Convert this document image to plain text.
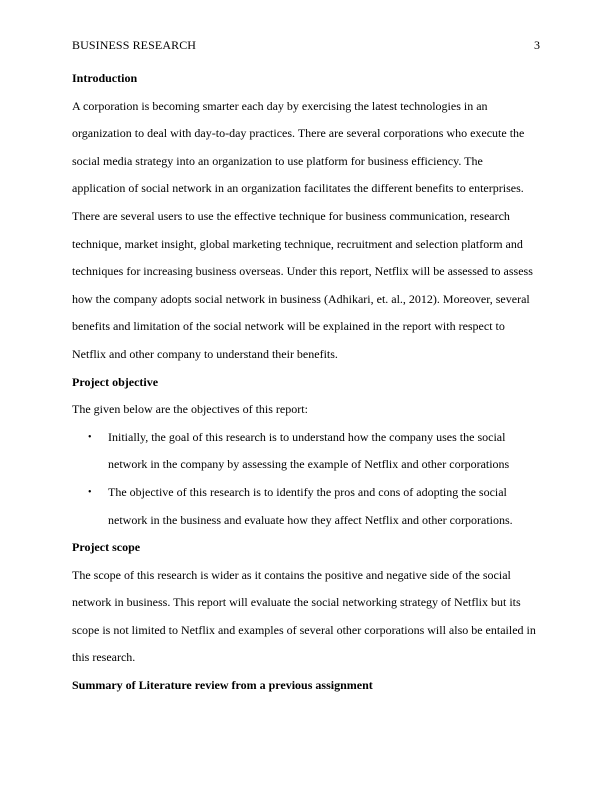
BUSINESS RESEARCH	3
Introduction
A corporation is becoming smarter each day by exercising the latest technologies in an
organization to deal with day-to-day practices. There are several corporations who execute the
social media strategy into an organization to use platform for business efficiency. The
application of social network in an organization facilitates the different benefits to enterprises.
There are several users to use the effective technique for business communication, research
technique, market insight, global marketing technique, recruitment and selection platform and
techniques for increasing business overseas. Under this report, Netflix will be assessed to assess
how the company adopts social network in business (Adhikari, et. al., 2012). Moreover, several
benefits and limitation of the social network will be explained in the report with respect to
Netflix and other company to understand their benefits.
Project objective
The given below are the objectives of this report:
• Initially, the goal of this research is to understand how the company uses the social
network in the company by assessing the example of Netflix and other corporations
• The objective of this research is to identify the pros and cons of adopting the social
network in the business and evaluate how they affect Netflix and other corporations.
Project scope
The scope of this research is wider as it contains the positive and negative side of the social
network in business. This report will evaluate the social networking strategy of Netflix but its
scope is not limited to Netflix and examples of several other corporations will also be entailed in
this research.
Summary of Literature review from a previous assignment
